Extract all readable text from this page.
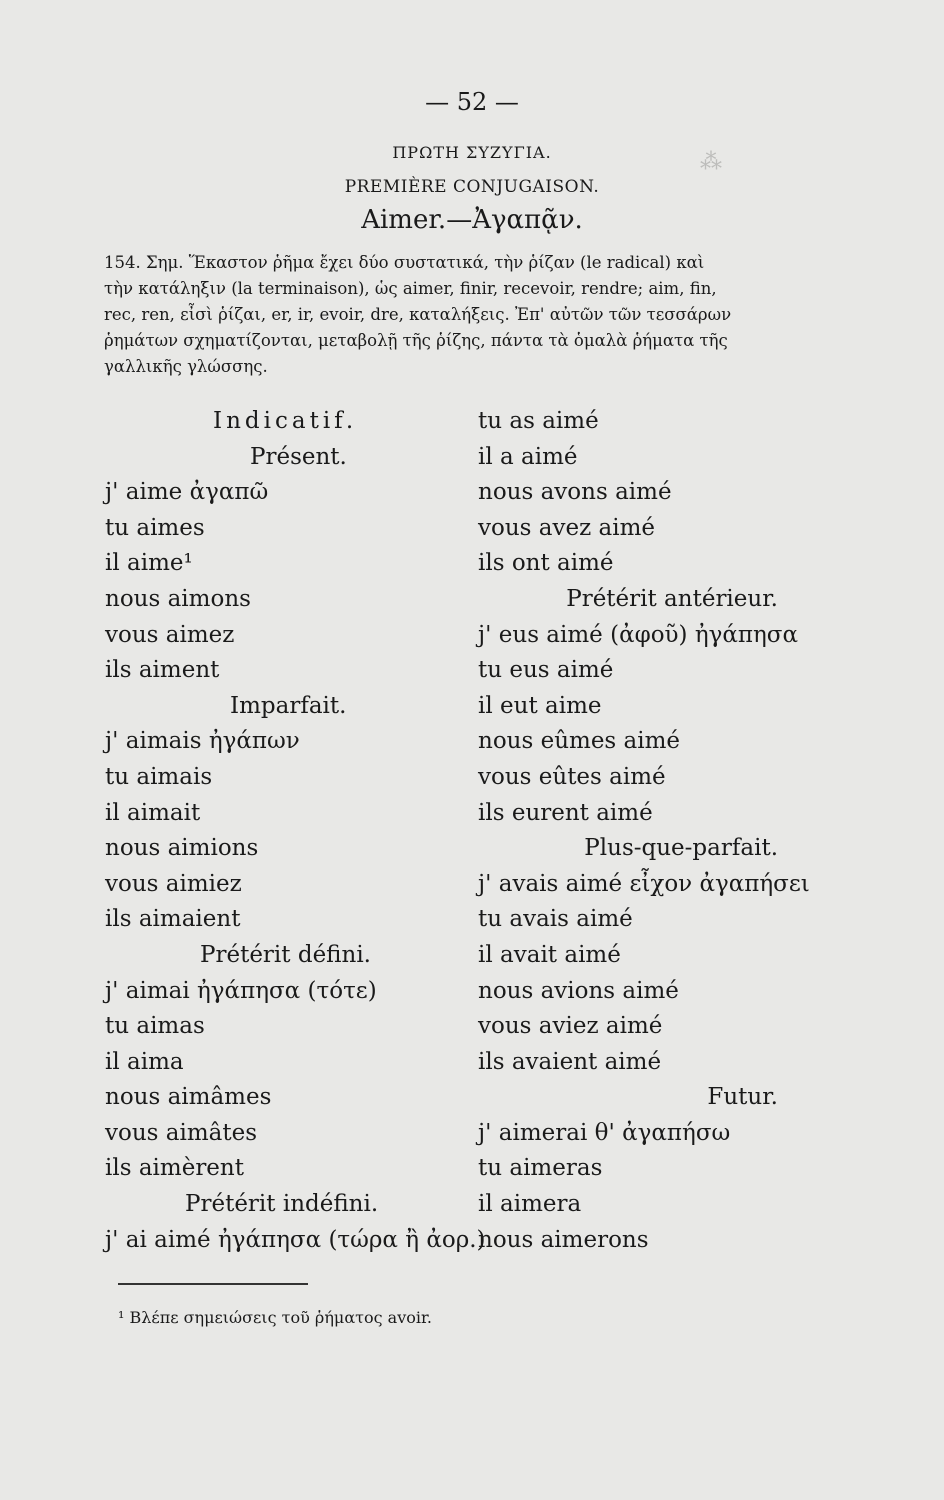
⁂
— 52 —
ΠΡΩΤΗ ΣΥΖΥΓΙΑ.
PREMIÈRE CONJUGAISON.
Aimer.—Ἀγαπᾷν.

154. Σημ. Ἕκαστον ῥῆμα ἔχει δύο συστατικά, τὴν ῥίζαν (le radical) καὶ

τὴν κατάληξιν (la terminaison), ὡς aimer, finir, recevoir, rendre; aim, fin,

rec, ren, εἶσὶ ῥίζαι, er, ir, evoir, dre, καταλήξεις. Ἐπ' αὐτῶν τῶν τεσσάρων

ῥημάτων σχηματίζονται, μεταβολῇ τῆς ῥίζης, πάντα τὰ ὁμαλὰ ῥήματα τῆς

γαλλικῆς γλώσσης.

Indicatif.
Présent.
j' aime ἀγαπῶ
tu aimes
il aime¹
nous aimons
vous aimez
ils aiment
Imparfait.
j' aimais ἠγάπων
tu aimais
il aimait
nous aimions
vous aimiez
ils aimaient
Prétérit défini.
j' aimai ἠγάπησα (τότε)
tu aimas
il aima
nous aimâmes
vous aimâtes
ils aimèrent
Prétérit indéfini.
j' ai aimé ἠγάπησα (τώρα ἢ ἀορ.)
tu as aimé
il a aimé
nous avons aimé
vous avez aimé
ils ont aimé
Prétérit antérieur.
j' eus aimé (ἀφοῦ) ἠγάπησα
tu eus aimé
il eut aime
nous eûmes aimé
vous eûtes aimé
ils eurent aimé
Plus-que-parfait.
j' avais aimé εἶχον ἀγαπήσει
tu avais aimé
il avait aimé
nous avions aimé
vous aviez aimé
ils avaient aimé
Futur.
j' aimerai θ' ἀγαπήσω
tu aimeras
il aimera
nous aimerons
¹ Βλέπε σημειώσεις τοῦ ῥήματος avoir.
